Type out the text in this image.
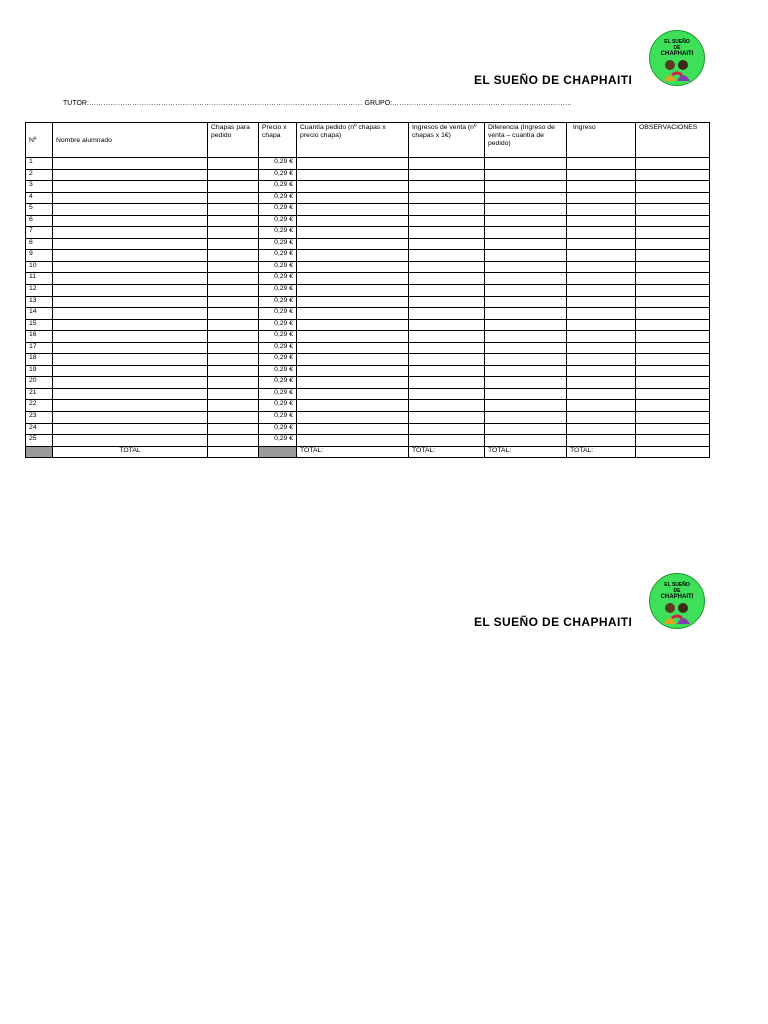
EL SUEÑO
DE
CHAPHAITI
EL SUEÑO DE CHAPHAITI
TUTOR:…………………………………………………………………………………………………… GRUPO:…………………………………………………………………
Nº	Nombre alumnado	Chapas para pedido	Precio x chapa	Cuantía pedido (nº chapas x precio chapa)	Ingresos de venta (nº chapas x 1€)	Diferencia (Ingreso de venta – cuantía de pedido)	Ingreso	OBSERVACIONES
1			0,29 €					
2			0,29 €					
3			0,29 €					
4			0,29 €					
5			0,29 €					
6			0,29 €					
7			0,29 €					
8			0,29 €					
9			0,29 €					
10			0,29 €					
11			0,29 €					
12			0,29 €					
13			0,29 €					
14			0,29 €					
15			0,29 €					
16			0,29 €					
17			0,29 €					
18			0,29 €					
19			0,29 €					
20			0,29 €					
21			0,29 €					
22			0,29 €					
23			0,29 €					
24			0,29 €					
25			0,29 €					
	TOTAL			TOTAL:	TOTAL:	TOTAL:	TOTAL:	
EL SUEÑO
DE
CHAPHAITI
EL SUEÑO DE CHAPHAITI
